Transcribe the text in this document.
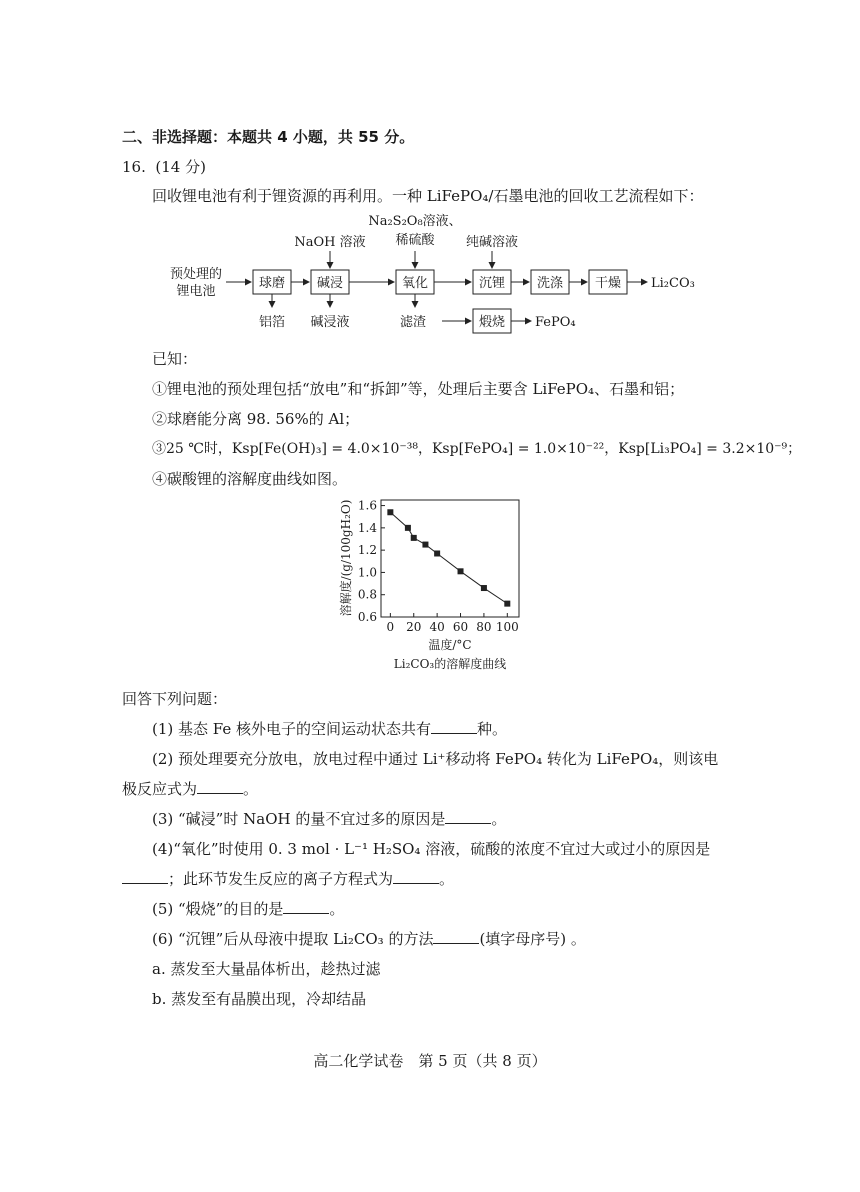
二、非选择题：本题共 4 小题，共 55 分。
16. (14 分)
回收锂电池有利于锂资源的再利用。一种 LiFePO₄/石墨电池的回收工艺流程如下：
预处理的
锂电池
球磨 碱浸	氧化	沉锂 洗涤 干燥
煅烧
NaOH 溶液
Na₂S₂O₈溶液、
稀硫酸 纯碱溶液
铝箔 碱浸液	滤渣
Li₂CO₃
FePO₄
已知：
①锂电池的预处理包括“放电”和“拆卸”等，处理后主要含 LiFePO₄、石墨和铝；
②球磨能分离 98. 56%的 Al；
③25 ℃时，Ksp[Fe(OH)₃] = 4.0×10⁻³⁸，Ksp[FePO₄] = 1.0×10⁻²²，Ksp[Li₃PO₄] = 3.2×10⁻⁹；
④碳酸锂的溶解度曲线如图。
0 20 40 60 80 100
0.6
0.8
1.0
1.2
1.4
1.6
溶解度/(g/100gH₂O)
温度/°C
Li₂CO₃的溶解度曲线
回答下列问题：
(1) 基态 Fe 核外电子的空间运动状态共有	种。
(2) 预处理要充分放电，放电过程中通过 Li⁺移动将 FePO₄ 转化为 LiFePO₄，则该电
极反应式为	。
(3) “碱浸”时 NaOH 的量不宜过多的原因是	。
(4)“氧化”时使用 0. 3 mol · L⁻¹ H₂SO₄ 溶液，硫酸的浓度不宜过大或过小的原因是
；此环节发生反应的离子方程式为	。
(5) “煅烧”的目的是	。
(6) “沉锂”后从母液中提取 Li₂CO₃ 的方法	(填字母序号) 。
a. 蒸发至大量晶体析出，趁热过滤
b. 蒸发至有晶膜出现，冷却结晶
高二化学试卷　第 5 页（共 8 页）
